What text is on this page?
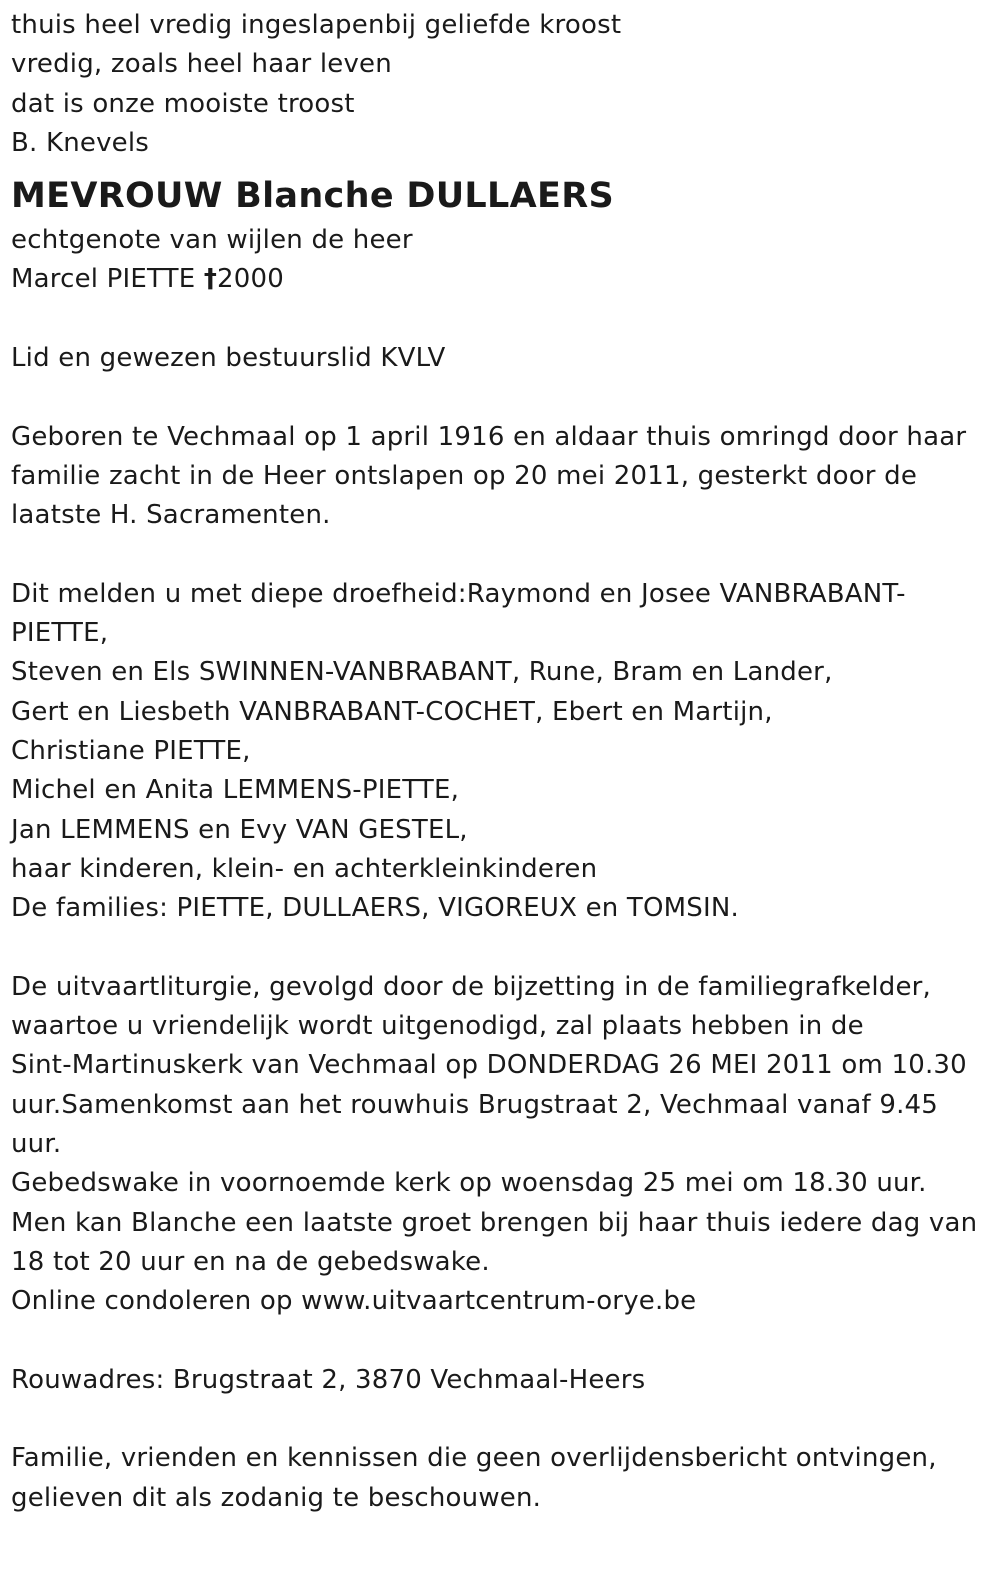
thuis heel vredig ingeslapenbij geliefde kroost
vredig, zoals heel haar leven
dat is onze mooiste troost
B. Knevels
MEVROUW Blanche DULLAERS
echtgenote van wijlen de heer
Marcel PIETTE †2000
Lid en gewezen bestuurslid KVLV
Geboren te Vechmaal op 1 april 1916 en aldaar thuis omringd door haar
familie zacht in de Heer ontslapen op 20 mei 2011, gesterkt door de
laatste H. Sacramenten.
Dit melden u met diepe droefheid:Raymond en Josee VANBRABANT-
PIETTE,
Steven en Els SWINNEN-VANBRABANT, Rune, Bram en Lander,
Gert en Liesbeth VANBRABANT-COCHET, Ebert en Martijn,
Christiane PIETTE,
Michel en Anita LEMMENS-PIETTE,
Jan LEMMENS en Evy VAN GESTEL,
haar kinderen, klein- en achterkleinkinderen
De families: PIETTE, DULLAERS, VIGOREUX en TOMSIN.
De uitvaartliturgie, gevolgd door de bijzetting in de familiegrafkelder,
waartoe u vriendelijk wordt uitgenodigd, zal plaats hebben in de
Sint-Martinuskerk van Vechmaal op DONDERDAG 26 MEI 2011 om 10.30
uur.Samenkomst aan het rouwhuis Brugstraat 2, Vechmaal vanaf 9.45
uur.
Gebedswake in voornoemde kerk op woensdag 25 mei om 18.30 uur.
Men kan Blanche een laatste groet brengen bij haar thuis iedere dag van
18 tot 20 uur en na de gebedswake.
Online condoleren op www.uitvaartcentrum-orye.be
Rouwadres: Brugstraat 2, 3870 Vechmaal-Heers
Familie, vrienden en kennissen die geen overlijdensbericht ontvingen,
gelieven dit als zodanig te beschouwen.
